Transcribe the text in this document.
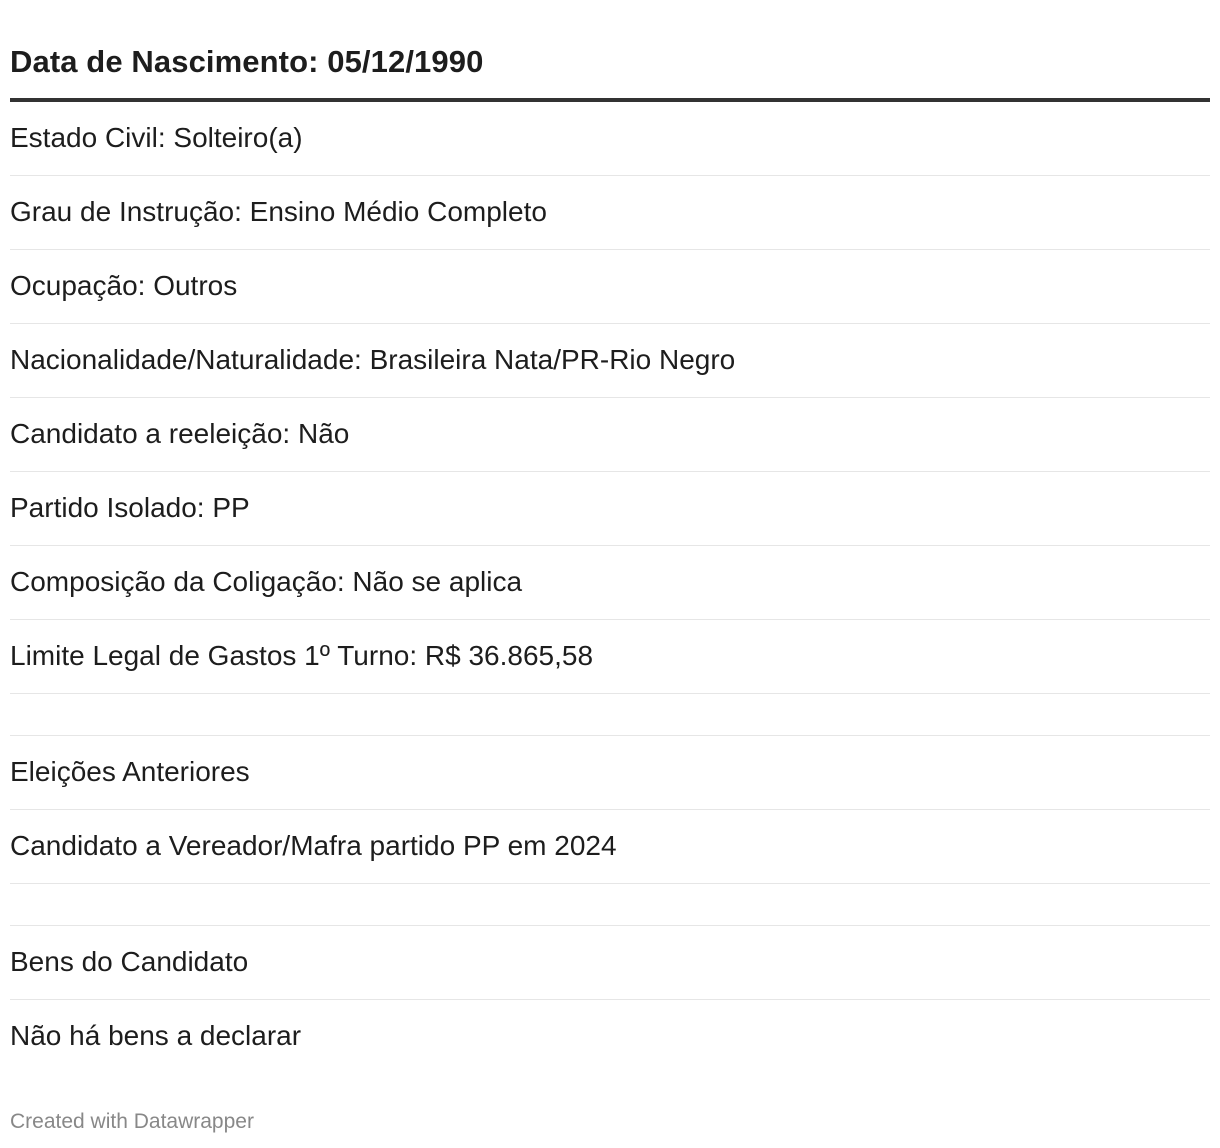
Data de Nascimento: 05/12/1990
Estado Civil: Solteiro(a)
Grau de Instrução: Ensino Médio Completo
Ocupação: Outros
Nacionalidade/Naturalidade: Brasileira Nata/PR-Rio Negro
Candidato a reeleição: Não
Partido Isolado: PP
Composição da Coligação: Não se aplica
Limite Legal de Gastos 1º Turno: R$ 36.865,58
Eleições Anteriores
Candidato a Vereador/Mafra partido PP em 2024
Bens do Candidato
Não há bens a declarar
Created with Datawrapper
